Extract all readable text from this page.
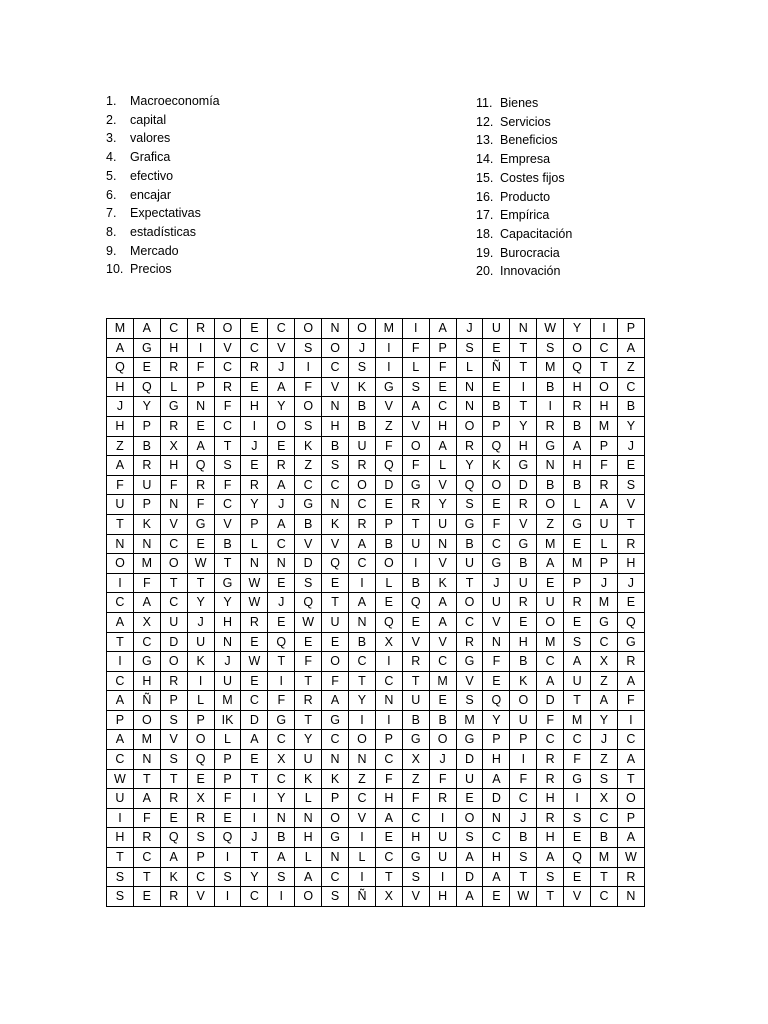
1.	Macroeconomía
2.	capital
3.	valores
4.	Grafica
5.	efectivo
6.	encajar
7.	Expectativas
8.	estadísticas
9.	Mercado
10. Precios
11. Bienes
12. Servicios
13. Beneficios
14. Empresa
15. Costes fijos
16. Producto
17. Empírica
18. Capacitación
19. Burocracia
20. Innovación
M	A	C	R	O	E	C	O	N	O	M	I	A	J	U	N	W	Y	I	P
A	G	H	I	V	C	V	S	O	J	I	F	P	S	E	T	S	O	C	A
Q	E	R	F	C	R	J	I	C	S	I	L	F	L	Ñ	T	M	Q	T	Z
H	Q	L	P	R	E	A	F	V	K	G	S	E	N	E	I	B	H	O	C
J	Y	G	N	F	H	Y	O	N	B	V	A	C	N	B	T	I	R	H	B
H	P	R	E	C	I	O	S	H	B	Z	V	H	O	P	Y	R	B	M	Y
Z	B	X	A	T	J	E	K	B	U	F	O	A	R	Q	H	G	A	P	J
A	R	H	Q	S	E	R	Z	S	R	Q	F	L	Y	K	G	N	H	F	E
F	U	F	R	F	R	A	C	C	O	D	G	V	Q	O	D	B	B	R	S
U	P	N	F	C	Y	J	G	N	C	E	R	Y	S	E	R	O	L	A	V
T	K	V	G	V	P	A	B	K	R	P	T	U	G	F	V	Z	G	U	T
N	N	C	E	B	L	C	V	V	A	B	U	N	B	C	G	M	E	L	R
O	M	O	W	T	N	N	D	Q	C	O	I	V	U	G	B	A	M	P	H
I	F	T	T	G	W	E	S	E	I	L	B	K	T	J	U	E	P	J	J
C	A	C	Y	Y	W	J	Q	T	A	E	Q	A	O	U	R	U	R	M	E
A	X	U	J	H	R	E	W	U	N	Q	E	A	C	V	E	O	E	G	Q
T	C	D	U	N	E	Q	E	E	B	X	V	V	R	N	H	M	S	C	G
I	G	O	K	J	W	T	F	O	C	I	R	C	G	F	B	C	A	X	R
C	H	R	I	U	E	I	T	F	T	C	T	M	V	E	K	A	U	Z	A
A	Ñ	P	L	M	C	F	R	A	Y	N	U	E	S	Q	O	D	T	A	F
P	O	S	P	IK	D	G	T	G	I	I	B	B	M	Y	U	F	M	Y	I
A	M	V	O	L	A	C	Y	C	O	P	G	O	G	P	P	C	C	J	C
C	N	S	Q	P	E	X	U	N	N	C	X	J	D	H	I	R	F	Z	A
W	T	T	E	P	T	C	K	K	Z	F	Z	F	U	A	F	R	G	S	T
U	A	R	X	F	I	Y	L	P	C	H	F	R	E	D	C	H	I	X	O
I	F	E	R	E	I	N	N	O	V	A	C	I	O	N	J	R	S	C	P
H	R	Q	S	Q	J	B	H	G	I	E	H	U	S	C	B	H	E	B	A
T	C	A	P	I	T	A	L	N	L	C	G	U	A	H	S	A	Q	M	W
S	T	K	C	S	Y	S	A	C	I	T	S	I	D	A	T	S	E	T	R
S	E	R	V	I	C	I	O	S	Ñ	X	V	H	A	E	W	T	V	C	N
